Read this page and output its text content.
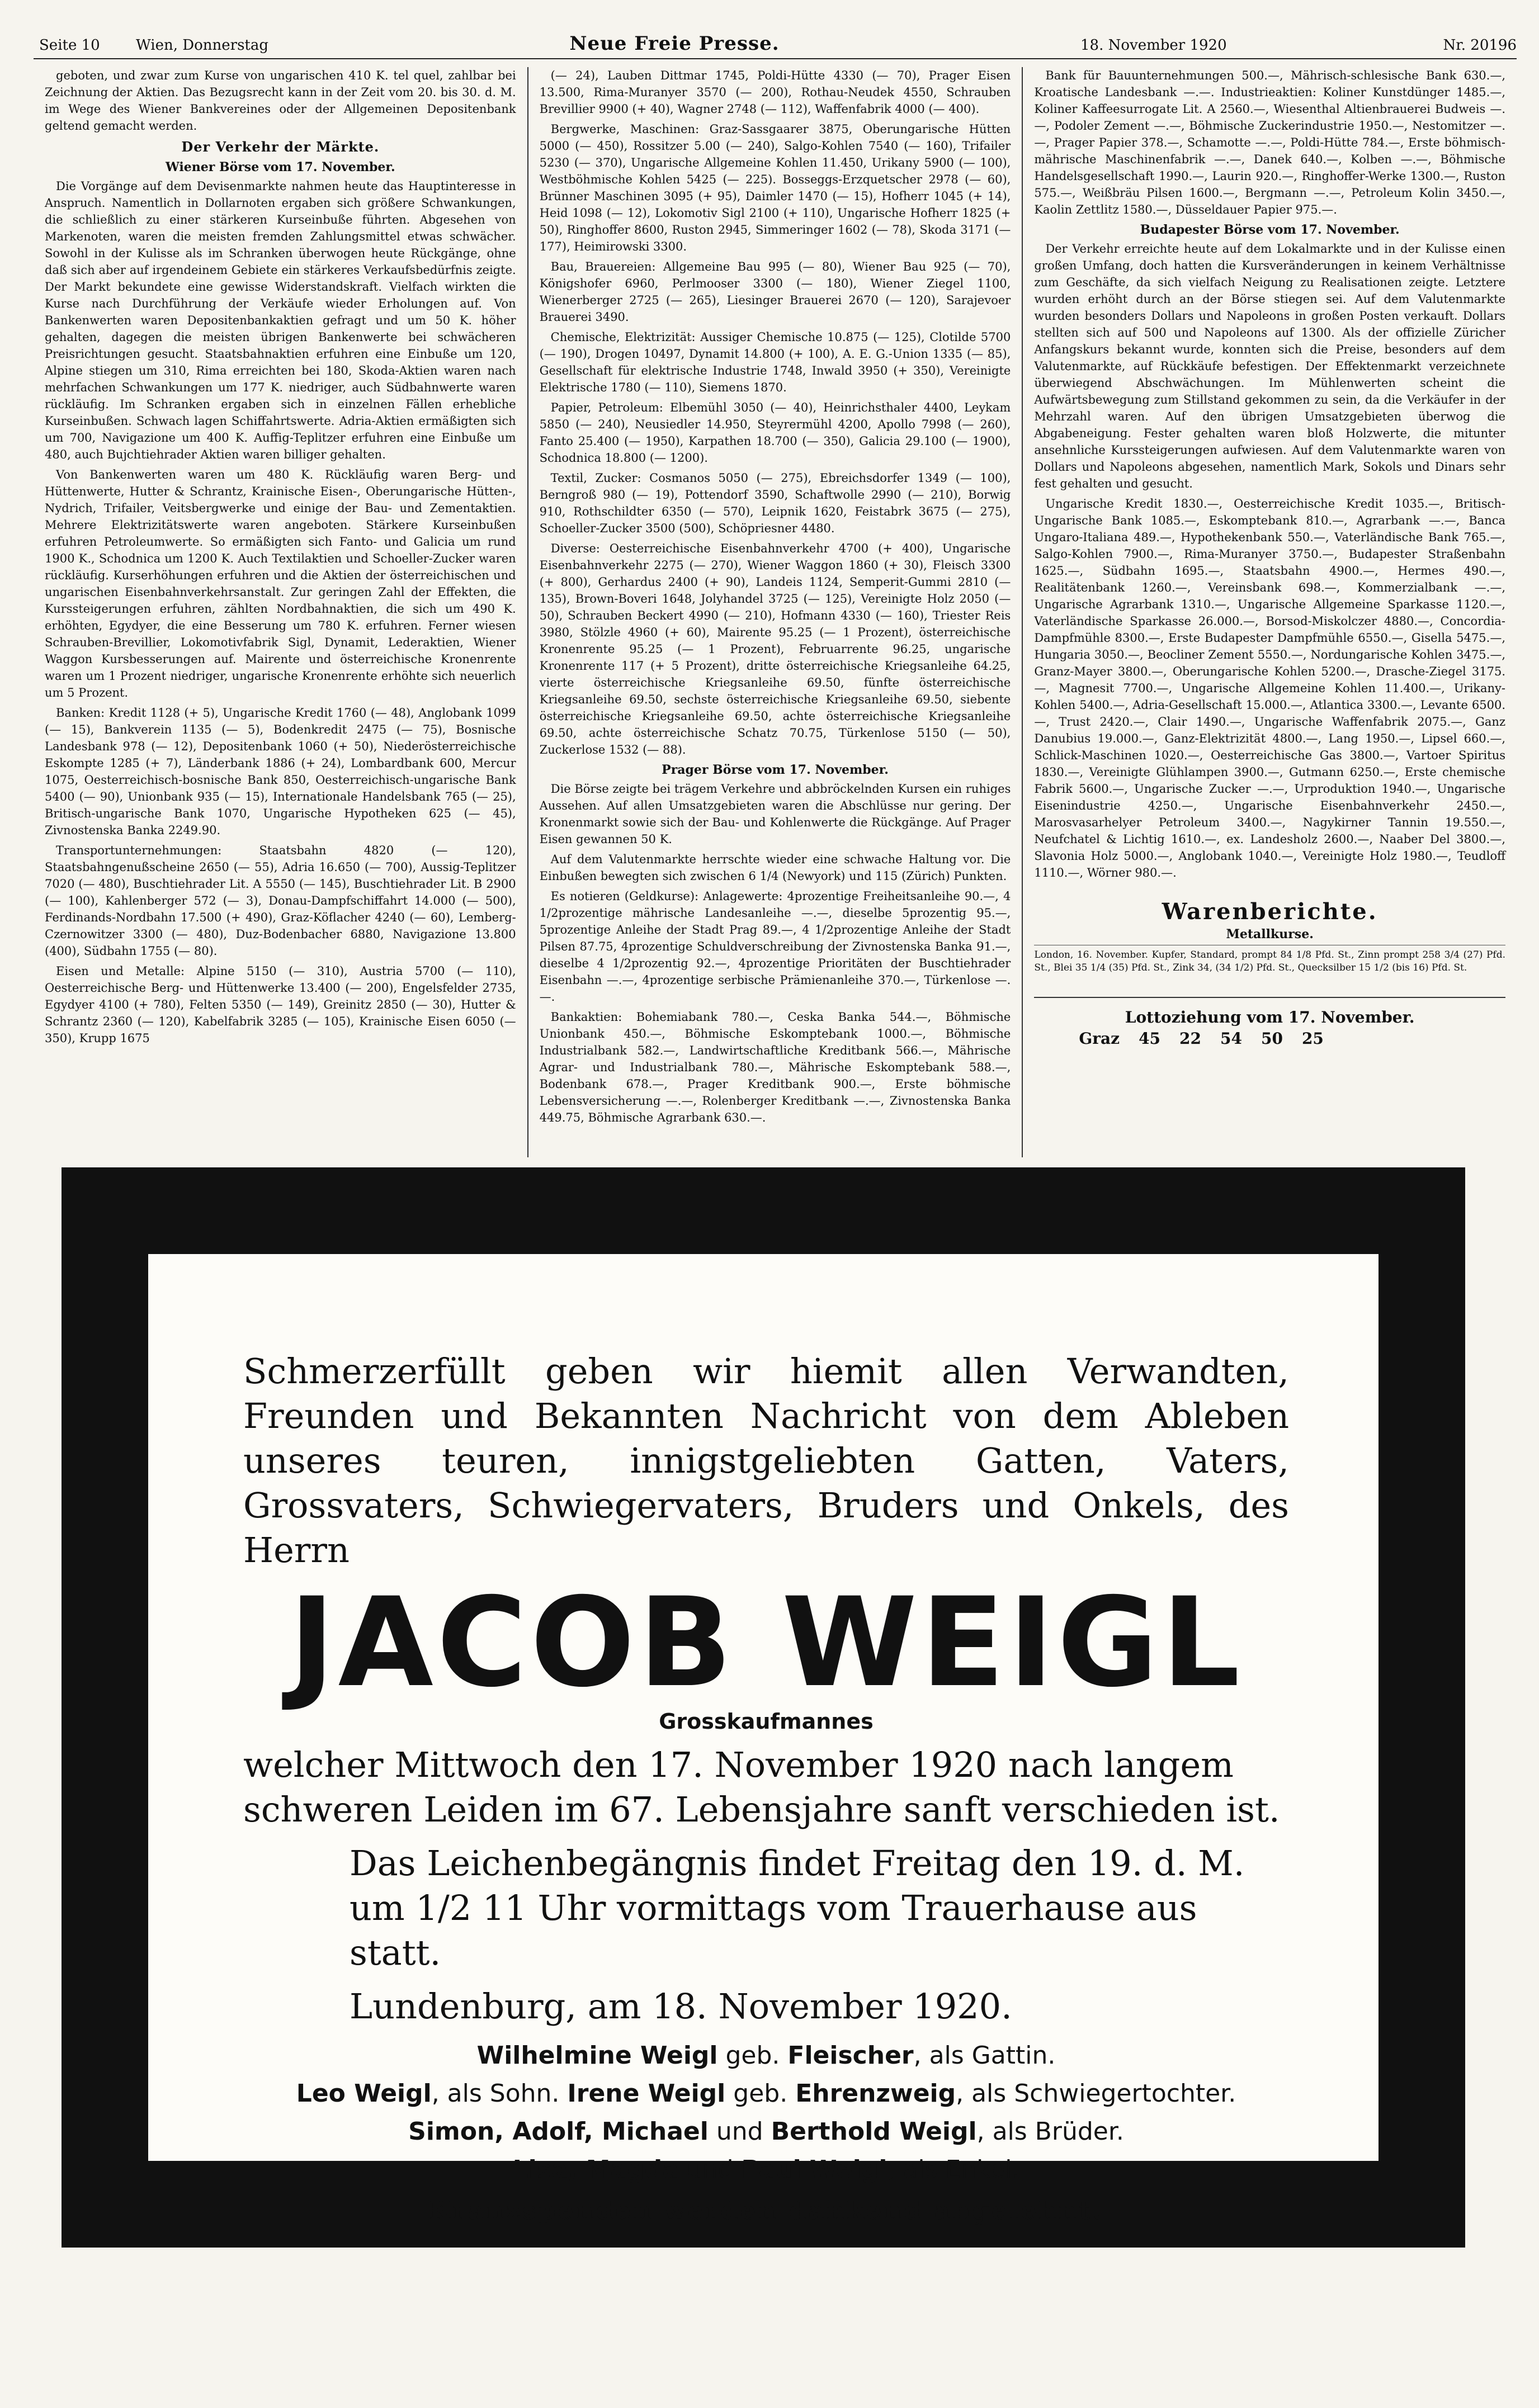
Seite 10 Wien, Donnerstag	Neue Freie Presse.	18. November 1920	Nr. 20196

geboten, und zwar zum Kurse von ungarischen 410 K. tel quel, zahlbar bei Zeichnung der Aktien. Das Bezugsrecht kann in der Zeit vom 20. bis 30. d. M. im Wege des Wiener Bankvereines oder der Allgemeinen Depositenbank geltend gemacht werden.

Der Verkehr der Märkte.
Wiener Börse vom 17. November.

Die Vorgänge auf dem Devisenmarkte nahmen heute das Hauptinteresse in Anspruch. Namentlich in Dollarnoten ergaben sich größere Schwankungen, die schließlich zu einer stärkeren Kurseinbuße führten. Abgesehen von Markenoten, waren die meisten fremden Zahlungsmittel etwas schwächer. Sowohl in der Kulisse als im Schranken überwogen heute Rückgänge, ohne daß sich aber auf irgendeinem Gebiete ein stärkeres Verkaufsbedürfnis zeigte. Der Markt bekundete eine gewisse Widerstandskraft. Vielfach wirkten die Kurse nach Durchführung der Verkäufe wieder Erholungen auf. Von Bankenwerten waren Depositenbankaktien gefragt und um 50 K. höher gehalten, dagegen die meisten übrigen Bankenwerte bei schwächeren Preisrichtungen gesucht. Staatsbahnaktien erfuhren eine Einbuße um 120, Alpine stiegen um 310, Rima erreichten bei 180, Skoda-Aktien waren nach mehrfachen Schwankungen um 177 K. niedriger, auch Südbahnwerte waren rückläufig. Im Schranken ergaben sich in einzelnen Fällen erhebliche Kurseinbußen. Schwach lagen Schiffahrtswerte. Adria-Aktien ermäßigten sich um 700, Navigazione um 400 K. Auffig-Teplitzer erfuhren eine Einbuße um 480, auch Bujchtiehrader Aktien waren billiger gehalten.

Von Bankenwerten waren um 480 K. Rückläufig waren Berg- und Hüttenwerte, Hutter & Schrantz, Krainische Eisen-, Oberungarische Hütten-, Nydrich, Trifailer, Veitsbergwerke und einige der Bau- und Zementaktien. Mehrere Elektrizitätswerte waren angeboten. Stärkere Kurseinbußen erfuhren Petroleumwerte. So ermäßigten sich Fanto- und Galicia um rund 1900 K., Schodnica um 1200 K. Auch Textilaktien und Schoeller-Zucker waren rückläufig. Kurserhöhungen erfuhren und die Aktien der österreichischen und ungarischen Eisenbahnverkehrsanstalt. Zur geringen Zahl der Effekten, die Kurssteigerungen erfuhren, zählten Nordbahnaktien, die sich um 490 K. erhöhten, Egydyer, die eine Besserung um 780 K. erfuhren. Ferner wiesen Schrauben-Brevillier, Lokomotivfabrik Sigl, Dynamit, Lederaktien, Wiener Waggon Kursbesserungen auf. Mairente und österreichische Kronenrente waren um 1 Prozent niedriger, ungarische Kronenrente erhöhte sich neuerlich um 5 Prozent.

Banken: Kredit 1128 (+ 5), Ungarische Kredit 1760 (— 48), Anglobank 1099 (— 15), Bankverein 1135 (— 5), Bodenkredit 2475 (— 75), Bosnische Landesbank 978 (— 12), Depositenbank 1060 (+ 50), Niederösterreichische Eskompte 1285 (+ 7), Länderbank 1886 (+ 24), Lombardbank 600, Mercur 1075, Oesterreichisch-bosnische Bank 850, Oesterreichisch-ungarische Bank 5400 (— 90), Unionbank 935 (— 15), Internationale Handelsbank 765 (— 25), Britisch-ungarische Bank 1070, Ungarische Hypotheken 625 (— 45), Zivnostenska Banka 2249.90.

Transportunternehmungen: Staatsbahn 4820 (— 120), Staatsbahngenußscheine 2650 (— 55), Adria 16.650 (— 700), Aussig-Teplitzer 7020 (— 480), Buschtiehrader Lit. A 5550 (— 145), Buschtiehrader Lit. B 2900 (— 100), Kahlenberger 572 (— 3), Donau-Dampfschiffahrt 14.000 (— 500), Ferdinands-Nordbahn 17.500 (+ 490), Graz-Köflacher 4240 (— 60), Lemberg-Czernowitzer 3300 (— 480), Duz-Bodenbacher 6880, Navigazione 13.800 (400), Südbahn 1755 (— 80).

Eisen und Metalle: Alpine 5150 (— 310), Austria 5700 (— 110), Oesterreichische Berg- und Hüttenwerke 13.400 (— 200), Engelsfelder 2735, Egydyer 4100 (+ 780), Felten 5350 (— 149), Greinitz 2850 (— 30), Hutter & Schrantz 2360 (— 120), Kabelfabrik 3285 (— 105), Krainische Eisen 6050 (— 350), Krupp 1675

(— 24), Lauben Dittmar 1745, Poldi-Hütte 4330 (— 70), Prager Eisen 13.500, Rima-Muranyer 3570 (— 200), Rothau-Neudek 4550, Schrauben Brevillier 9900 (+ 40), Wagner 2748 (— 112), Waffenfabrik 4000 (— 400).

Bergwerke, Maschinen: Graz-Sassgaarer 3875, Oberungarische Hütten 5000 (— 450), Rossitzer 5.00 (— 240), Salgo-Kohlen 7540 (— 160), Trifailer 5230 (— 370), Ungarische Allgemeine Kohlen 11.450, Urikany 5900 (— 100), Westböhmische Kohlen 5425 (— 225). Bosseggs-Erzquetscher 2978 (— 60), Brünner Maschinen 3095 (+ 95), Daimler 1470 (— 15), Hofherr 1045 (+ 14), Heid 1098 (— 12), Lokomotiv Sigl 2100 (+ 110), Ungarische Hofherr 1825 (+ 50), Ringhoffer 8600, Ruston 2945, Simmeringer 1602 (— 78), Skoda 3171 (— 177), Heimirowski 3300.

Bau, Brauereien: Allgemeine Bau 995 (— 80), Wiener Bau 925 (— 70), Königshofer 6960, Perlmooser 3300 (— 180), Wiener Ziegel 1100, Wienerberger 2725 (— 265), Liesinger Brauerei 2670 (— 120), Sarajevoer Brauerei 3490.

Chemische, Elektrizität: Aussiger Chemische 10.875 (— 125), Clotilde 5700 (— 190), Drogen 10497, Dynamit 14.800 (+ 100), A. E. G.-Union 1335 (— 85), Gesellschaft für elektrische Industrie 1748, Inwald 3950 (+ 350), Vereinigte Elektrische 1780 (— 110), Siemens 1870.

Papier, Petroleum: Elbemühl 3050 (— 40), Heinrichsthaler 4400, Leykam 5850 (— 240), Neusiedler 14.950, Steyrermühl 4200, Apollo 7998 (— 260), Fanto 25.400 (— 1950), Karpathen 18.700 (— 350), Galicia 29.100 (— 1900), Schodnica 18.800 (— 1200).

Textil, Zucker: Cosmanos 5050 (— 275), Ebreichsdorfer 1349 (— 100), Berngroß 980 (— 19), Pottendorf 3590, Schaftwolle 2990 (— 210), Borwig 910, Rothschildter 6350 (— 570), Leipnik 1620, Feistabrk 3675 (— 275), Schoeller-Zucker 3500 (500), Schöpriesner 4480.

Diverse: Oesterreichische Eisenbahnverkehr 4700 (+ 400), Ungarische Eisenbahnverkehr 2275 (— 270), Wiener Waggon 1860 (+ 30), Fleisch 3300 (+ 800), Gerhardus 2400 (+ 90), Landeis 1124, Semperit-Gummi 2810 (— 135), Brown-Boveri 1648, Jolyhandel 3725 (— 125), Vereinigte Holz 2050 (— 50), Schrauben Beckert 4990 (— 210), Hofmann 4330 (— 160), Triester Reis 3980, Stölzle 4960 (+ 60), Mairente 95.25 (— 1 Prozent), österreichische Kronenrente 95.25 (— 1 Prozent), Februarrente 96.25, ungarische Kronenrente 117 (+ 5 Prozent), dritte österreichische Kriegsanleihe 64.25, vierte österreichische Kriegsanleihe 69.50, fünfte österreichische Kriegsanleihe 69.50, sechste österreichische Kriegsanleihe 69.50, siebente österreichische Kriegsanleihe 69.50, achte österreichische Kriegsanleihe 69.50, achte österreichische Schatz 70.75, Türkenlose 5150 (— 50), Zuckerlose 1532 (— 88).

Prager Börse vom 17. November.

Die Börse zeigte bei trägem Verkehre und abbröckelnden Kursen ein ruhiges Aussehen. Auf allen Umsatzgebieten waren die Abschlüsse nur gering. Der Kronenmarkt sowie sich der Bau- und Kohlenwerte die Rückgänge. Auf Prager Eisen gewannen 50 K.

Auf dem Valutenmarkte herrschte wieder eine schwache Haltung vor. Die Einbußen bewegten sich zwischen 6 1/4 (Newyork) und 115 (Zürich) Punkten.

Es notieren (Geldkurse): Anlagewerte: 4prozentige Freiheitsanleihe 90.—, 4 1/2prozentige mährische Landesanleihe —.—, dieselbe 5prozentig 95.—, 5prozentige Anleihe der Stadt Prag 89.—, 4 1/2prozentige Anleihe der Stadt Pilsen 87.75, 4prozentige Schuldverschreibung der Zivnostenska Banka 91.—, dieselbe 4 1/2prozentig 92.—, 4prozentige Prioritäten der Buschtiehrader Eisenbahn —.—, 4prozentige serbische Prämienanleihe 370.—, Türkenlose —.—.

Bankaktien: Bohemiabank 780.—, Ceska Banka 544.—, Böhmische Unionbank 450.—, Böhmische Eskomptebank 1000.—, Böhmische Industrialbank 582.—, Landwirtschaftliche Kreditbank 566.—, Mährische Agrar- und Industrialbank 780.—, Mährische Eskomptebank 588.—, Bodenbank 678.—, Prager Kreditbank 900.—, Erste böhmische Lebensversicherung —.—, Rolenberger Kreditbank —.—, Zivnostenska Banka 449.75, Böhmische Agrarbank 630.—.

Bank für Bauunternehmungen 500.—, Mährisch-schlesische Bank 630.—, Kroatische Landesbank —.—. Industrieaktien: Koliner Kunstdünger 1485.—, Koliner Kaffeesurrogate Lit. A 2560.—, Wiesenthal Altienbrauerei Budweis —.—, Podoler Zement —.—, Böhmische Zuckerindustrie 1950.—, Nestomitzer —.—, Prager Papier 378.—, Schamotte —.—, Poldi-Hütte 784.—, Erste böhmisch-mährische Maschinenfabrik —.—, Danek 640.—, Kolben —.—, Böhmische Handelsgesellschaft 1990.—, Laurin 920.—, Ringhoffer-Werke 1300.—, Ruston 575.—, Weißbräu Pilsen 1600.—, Bergmann —.—, Petroleum Kolin 3450.—, Kaolin Zettlitz 1580.—, Düsseldauer Papier 975.—.

Budapester Börse vom 17. November.

Der Verkehr erreichte heute auf dem Lokalmarkte und in der Kulisse einen großen Umfang, doch hatten die Kursveränderungen in keinem Verhältnisse zum Geschäfte, da sich vielfach Neigung zu Realisationen zeigte. Letztere wurden erhöht durch an der Börse stiegen sei. Auf dem Valutenmarkte wurden besonders Dollars und Napoleons in großen Posten verkauft. Dollars stellten sich auf 500 und Napoleons auf 1300. Als der offizielle Züricher Anfangskurs bekannt wurde, konnten sich die Preise, besonders auf dem Valutenmarkte, auf Rückkäufe befestigen. Der Effektenmarkt verzeichnete überwiegend Abschwächungen. Im Mühlenwerten scheint die Aufwärtsbewegung zum Stillstand gekommen zu sein, da die Verkäufer in der Mehrzahl waren. Auf den übrigen Umsatzgebieten überwog die Abgabeneigung. Fester gehalten waren bloß Holzwerte, die mitunter ansehnliche Kurssteigerungen aufwiesen. Auf dem Valutenmarkte waren von Dollars und Napoleons abgesehen, namentlich Mark, Sokols und Dinars sehr fest gehalten und gesucht.

Ungarische Kredit 1830.—, Oesterreichische Kredit 1035.—, Britisch-Ungarische Bank 1085.—, Eskomptebank 810.—, Agrarbank —.—, Banca Ungaro-Italiana 489.—, Hypothekenbank 550.—, Vaterländische Bank 765.—, Salgo-Kohlen 7900.—, Rima-Muranyer 3750.—, Budapester Straßenbahn 1625.—, Südbahn 1695.—, Staatsbahn 4900.—, Hermes 490.—, Realitätenbank 1260.—, Vereinsbank 698.—, Kommerzialbank —.—, Ungarische Agrarbank 1310.—, Ungarische Allgemeine Sparkasse 1120.—, Vaterländische Sparkasse 26.000.—, Borsod-Miskolczer 4880.—, Concordia-Dampfmühle 8300.—, Erste Budapester Dampfmühle 6550.—, Gisella 5475.—, Hungaria 3050.—, Beocliner Zement 5550.—, Nordungarische Kohlen 3475.—, Granz-Mayer 3800.—, Oberungarische Kohlen 5200.—, Drasche-Ziegel 3175.—, Magnesit 7700.—, Ungarische Allgemeine Kohlen 11.400.—, Urikany-Kohlen 5400.—, Adria-Gesellschaft 15.000.—, Atlantica 3300.—, Levante 6500.—, Trust 2420.—, Clair 1490.—, Ungarische Waffenfabrik 2075.—, Ganz Danubius 19.000.—, Ganz-Elektrizität 4800.—, Lang 1950.—, Lipsel 660.—, Schlick-Maschinen 1020.—, Oesterreichische Gas 3800.—, Vartoer Spiritus 1830.—, Vereinigte Glühlampen 3900.—, Gutmann 6250.—, Erste chemische Fabrik 5600.—, Ungarische Zucker —.—, Urproduktion 1940.—, Ungarische Eisenindustrie 4250.—, Ungarische Eisenbahnverkehr 2450.—, Marosvasarhelyer Petroleum 3400.—, Nagykirner Tannin 19.550.—, Neufchatel & Lichtig 1610.—, ex. Landesholz 2600.—, Naaber Del 3800.—, Slavonia Holz 5000.—, Anglobank 1040.—, Vereinigte Holz 1980.—, Teudloff 1110.—, Wörner 980.—.

Warenberichte.
Metallkurse.

London, 16. November. Kupfer, Standard, prompt 84 1/8 Pfd. St., Zinn prompt 258 3/4 (27) Pfd. St., Blei 35 1/4 (35) Pfd. St., Zink 34, (34 1/2) Pfd. St., Quecksilber 15 1/2 (bis 16) Pfd. St.

Lottoziehung vom 17. November.
Graz 45 22 54 50 25
Schmerzerfüllt geben wir hiemit allen Verwandten, Freunden und Bekannten Nachricht von dem Ableben unseres teuren, innigstgeliebten Gatten, Vaters, Grossvaters, Schwiegervaters, Bruders und Onkels, des Herrn
JACOB WEIGL
Grosskaufmannes
welcher Mittwoch den 17. November 1920 nach langem schweren Leiden im 67. Lebensjahre sanft verschieden ist.
Das Leichenbegängnis findet Freitag den 19. d. M. um 1/2 11 Uhr vormittags vom Trauerhause aus statt.
Lundenburg, am 18. November 1920.
Wilhelmine Weigl geb. Fleischer, als Gattin.
Leo Weigl, als Sohn. Irene Weigl geb. Ehrenzweig, als Schwiegertochter.
Simon, Adolf, Michael und Berthold Weigl, als Brüder.
Lisa, Magda und Paul Weigl, als Enkel.
Kranzspenden werden dankend abgelehnt.
